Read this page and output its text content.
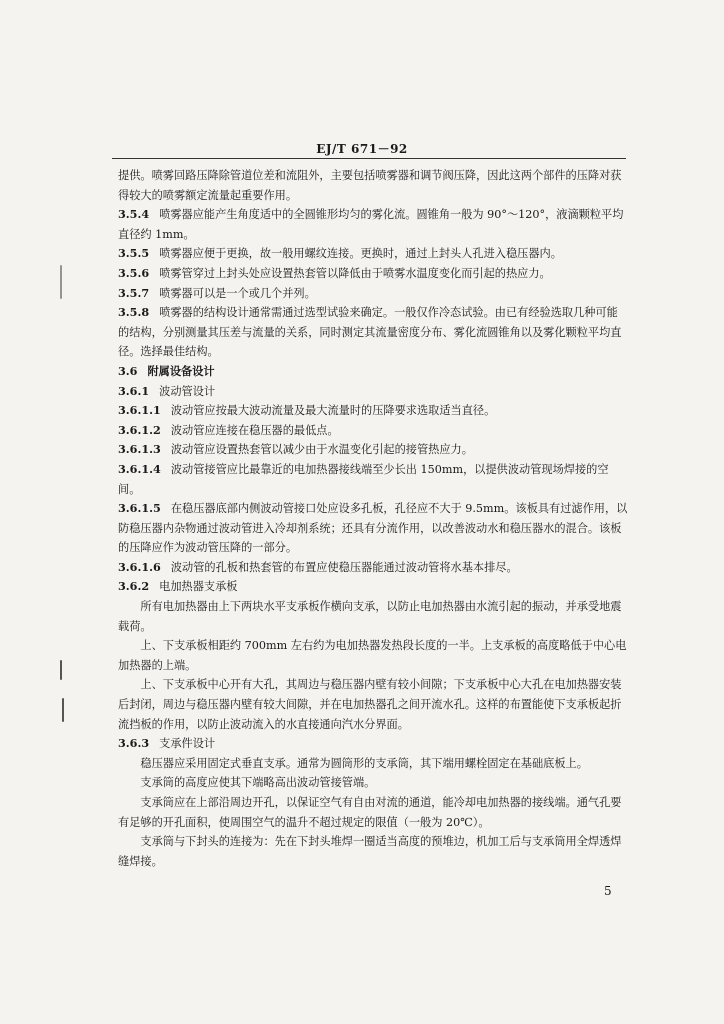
EJ/T 671－92

提供。喷雾回路压降除管道位差和流阻外，主要包括喷雾器和调节阀压降，因此这两个部件的压降对获得较大的喷雾额定流量起重要作用。

3.5.4 喷雾器应能产生角度适中的全圆锥形均匀的雾化流。圆锥角一般为 90°～120°，液滴颗粒平均直径约 1mm。

3.5.5 喷雾器应便于更换，故一般用螺纹连接。更换时，通过上封头人孔进入稳压器内。

3.5.6 喷雾管穿过上封头处应设置热套管以降低由于喷雾水温度变化而引起的热应力。

3.5.7 喷雾器可以是一个或几个并列。

3.5.8 喷雾器的结构设计通常需通过选型试验来确定。一般仅作冷态试验。由已有经验选取几种可能的结构，分别测量其压差与流量的关系，同时测定其流量密度分布、雾化流圆锥角以及雾化颗粒平均直径。选择最佳结构。

3.6 附属设备设计

3.6.1 波动管设计

3.6.1.1 波动管应按最大波动流量及最大流量时的压降要求选取适当直径。

3.6.1.2 波动管应连接在稳压器的最低点。

3.6.1.3 波动管应设置热套管以减少由于水温变化引起的接管热应力。

3.6.1.4 波动管接管应比最靠近的电加热器接线端至少长出 150mm，以提供波动管现场焊接的空间。

3.6.1.5 在稳压器底部内侧波动管接口处应设多孔板，孔径应不大于 9.5mm。该板具有过滤作用，以防稳压器内杂物通过波动管进入冷却剂系统；还具有分流作用，以改善波动水和稳压器水的混合。该板的压降应作为波动管压降的一部分。

3.6.1.6 波动管的孔板和热套管的布置应使稳压器能通过波动管将水基本排尽。

3.6.2 电加热器支承板

所有电加热器由上下两块水平支承板作横向支承，以防止电加热器由水流引起的振动，并承受地震载荷。

上、下支承板相距约 700mm 左右约为电加热器发热段长度的一半。上支承板的高度略低于中心电加热器的上端。

上、下支承板中心开有大孔，其周边与稳压器内壁有较小间隙；下支承板中心大孔在电加热器安装后封闭，周边与稳压器内壁有较大间隙，并在电加热器孔之间开流水孔。这样的布置能使下支承板起折流挡板的作用，以防止波动流入的水直接通向汽水分界面。

3.6.3 支承件设计

稳压器应采用固定式垂直支承。通常为圆筒形的支承筒，其下端用螺栓固定在基础底板上。

支承筒的高度应使其下端略高出波动管接管端。

支承筒应在上部沿周边开孔，以保证空气有自由对流的通道，能冷却电加热器的接线端。通气孔要有足够的开孔面积，使周围空气的温升不超过规定的限值（一般为 20℃）。

支承筒与下封头的连接为：先在下封头堆焊一圈适当高度的预堆边，机加工后与支承筒用全焊透焊缝焊接。

5
